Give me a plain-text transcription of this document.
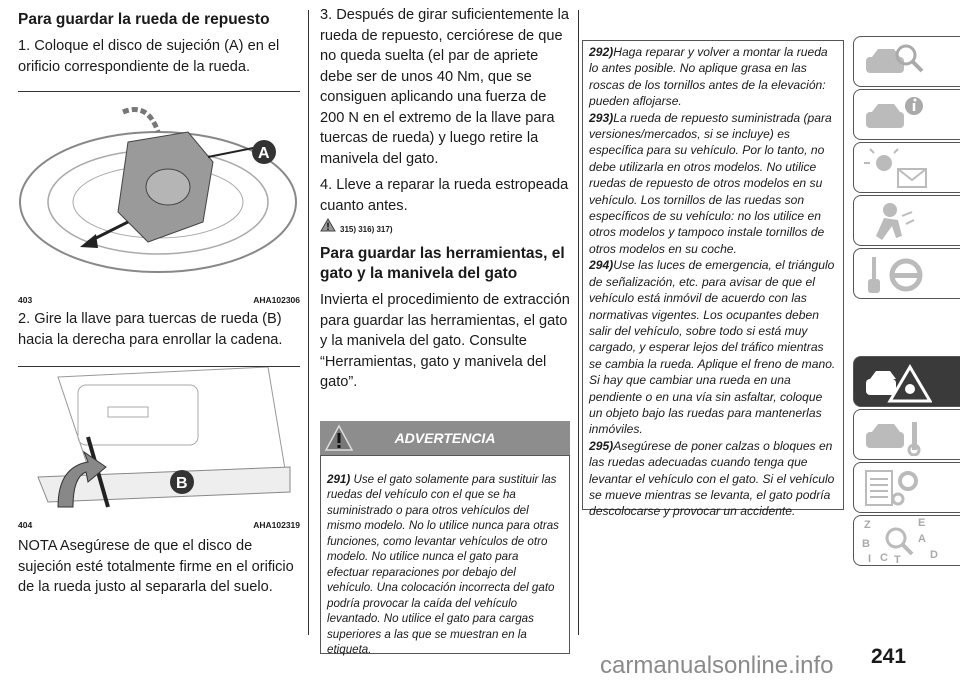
Para guardar la rueda de repuesto
1. Coloque el disco de sujeción (A) en el orificio correspondiente de la rueda.
A
403	AHA102306
2. Gire la llave para tuercas de rueda (B) hacia la derecha para enrollar la cadena.
B
404	AHA102319
NOTA Asegúrese de que el disco de sujeción esté totalmente firme en el orificio de la rueda justo al separarla del suelo.
3. Después de girar suficientemente la rueda de repuesto, cerciórese de que no queda suelta (el par de apriete debe ser de unos 40 Nm, que se consiguen aplicando una fuerza de 200 N en el extremo de la llave para tuercas de rueda) y luego retire la manivela del gato.
4. Lleve a reparar la rueda estropeada cuanto antes.
315) 316) 317)
Para guardar las herramientas, el gato y la manivela del gato
Invierta el procedimiento de extracción para guardar las herramientas, el gato y la manivela del gato. Consulte “Herramientas, gato y manivela del gato”.
ADVERTENCIA
291) Use el gato solamente para sustituir las ruedas del vehículo con el que se ha suministrado o para otros vehículos del mismo modelo. No lo utilice nunca para otras funciones, como levantar vehículos de otro modelo. No utilice nunca el gato para efectuar reparaciones por debajo del vehículo. Una colocación incorrecta del gato podría provocar la caída del vehículo levantado. No utilice el gato para cargas superiores a las que se muestran en la etiqueta.
292)Haga reparar y volver a montar la rueda lo antes posible. No aplique grasa en las roscas de los tornillos antes de la elevación: pueden aflojarse.
293)La rueda de repuesto suministrada (para versiones/mercados, si se incluye) es específica para su vehículo. Por lo tanto, no debe utilizarla en otros modelos. No utilice ruedas de repuesto de otros modelos en su vehículo. Los tornillos de las ruedas son específicos de su vehículo: no los utilice en otros modelos y tampoco instale tornillos de otros modelos en su coche.
294)Use las luces de emergencia, el triángulo de señalización, etc. para avisar de que el vehículo está inmóvil de acuerdo con las normativas vigentes. Los ocupantes deben salir del vehículo, sobre todo si está muy cargado, y esperar lejos del tráfico mientras se cambia la rueda. Aplique el freno de mano. Si hay que cambiar una rueda en una pendiente o en una vía sin asfaltar, coloque un objeto bajo las ruedas para mantenerlas inmóviles.
295)Asegúrese de poner calzas o bloques en las ruedas adecuadas cuando tenga que levantar el vehículo con el gato. Si el vehículo se mueve mientras se levanta, el gato podría descolocarse y provocar un accidente.
Z	E
B	A
C	D
T
I
carmanualsonline.info 241
